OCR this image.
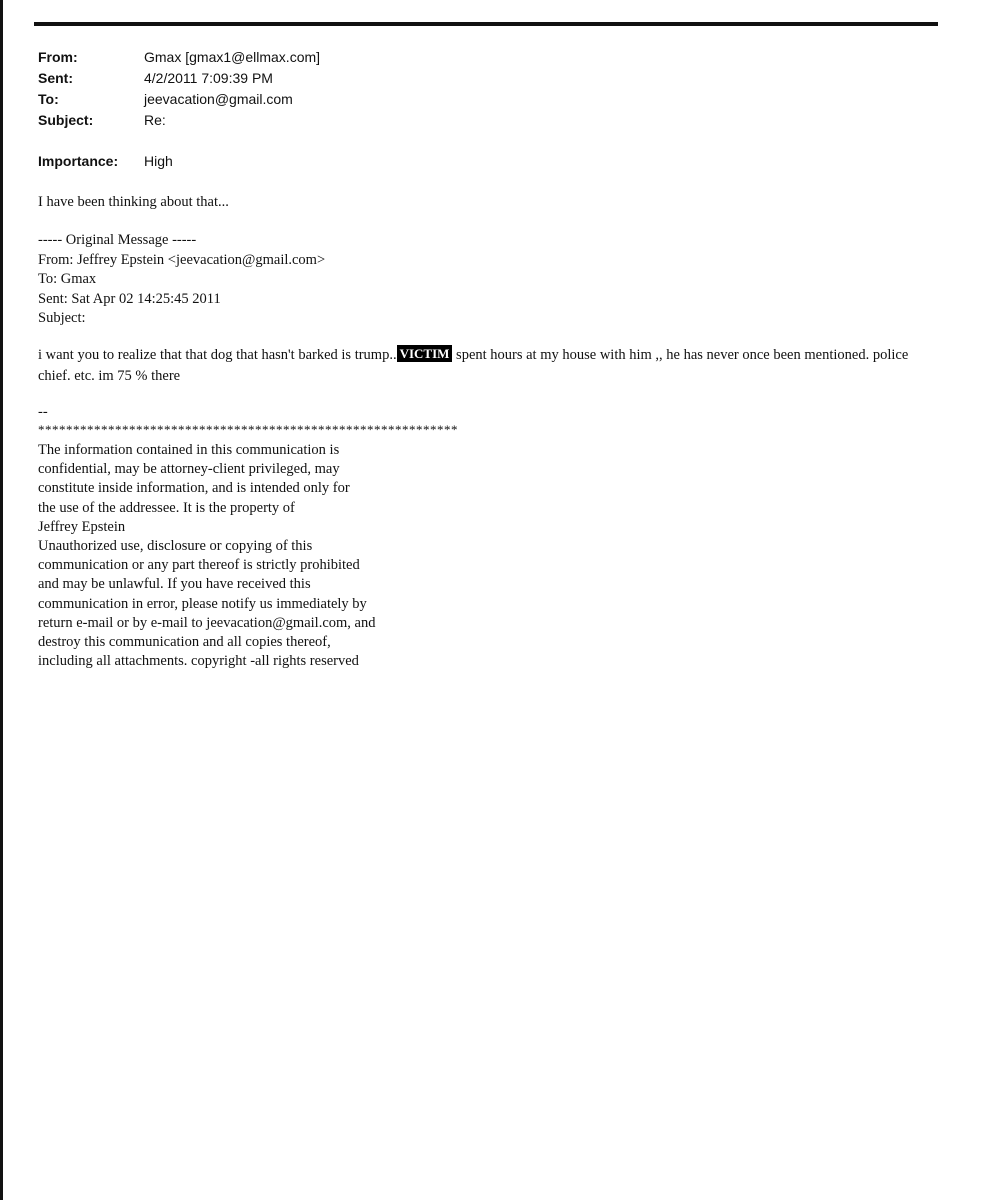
From:	Gmax [gmax1@ellmax.com]
Sent:	4/2/2011 7:09:39 PM
To:	jeevacation@gmail.com
Subject:	Re:
Importance:	High
I have been thinking about that...
----- Original Message -----
From: Jeffrey Epstein <jeevacation@gmail.com>
To: Gmax
Sent: Sat Apr 02 14:25:45 2011
Subject:
i want you to realize that that dog that hasn't barked is trump.. VICTIM spent hours at my house with him ,, he has never once been mentioned. police chief. etc. im 75 % there
--
************************************************************
The information contained in this communication is
confidential, may be attorney-client privileged, may
constitute inside information, and is intended only for
the use of the addressee. It is the property of
Jeffrey Epstein
Unauthorized use, disclosure or copying of this
communication or any part thereof is strictly prohibited
and may be unlawful. If you have received this
communication in error, please notify us immediately by
return e-mail or by e-mail to jeevacation@gmail.com, and
destroy this communication and all copies thereof,
including all attachments. copyright -all rights reserved
